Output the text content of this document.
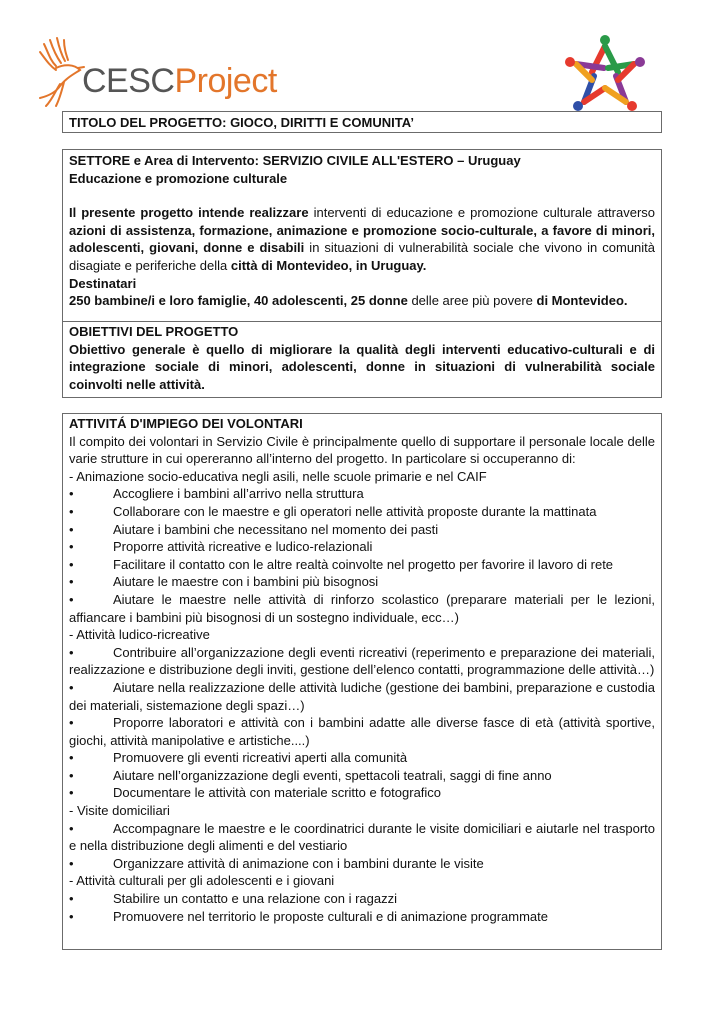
CESCProject
TITOLO DEL PROGETTO: GIOCO, DIRITTI E COMUNITA’
SETTORE e Area di Intervento: SERVIZIO CIVILE ALL'ESTERO – Uruguay
Educazione e promozione culturale
Il presente progetto intende realizzare interventi di educazione e promozione culturale attraverso azioni di assistenza, formazione, animazione e promozione socio-culturale, a favore di minori, adolescenti, giovani, donne e disabili in situazioni di vulnerabilità sociale che vivono in comunità disagiate e periferiche della città di Montevideo, in Uruguay.
Destinatari
250 bambine/i e loro famiglie, 40 adolescenti, 25 donne delle aree più povere di Montevideo.
OBIETTIVI DEL PROGETTO
Obiettivo generale è quello di migliorare la qualità degli interventi educativo-culturali e di integrazione sociale di minori, adolescenti, donne in situazioni di vulnerabilità sociale coinvolti nelle attività.
ATTIVITÁ D'IMPIEGO DEI VOLONTARI
Il compito dei volontari in Servizio Civile è principalmente quello di supportare il personale locale delle varie strutture in cui opereranno all’interno del progetto. In particolare si occuperanno di:
- Animazione socio-educativa negli asili, nelle scuole primarie e nel CAIF
•	Accogliere i bambini all’arrivo nella struttura
•	Collaborare con le maestre e gli operatori nelle attività proposte durante la mattinata
•	Aiutare i bambini che necessitano nel momento dei pasti
•	Proporre attività ricreative e ludico-relazionali
•	Facilitare il contatto con le altre realtà coinvolte nel progetto per favorire il lavoro di rete
•	Aiutare le maestre con i bambini più bisognosi
•	Aiutare le maestre nelle attività di rinforzo scolastico (preparare materiali per le lezioni, affiancare i bambini più bisognosi di un sostegno individuale, ecc…)
- Attività ludico-ricreative
•	Contribuire all’organizzazione degli eventi ricreativi (reperimento e preparazione dei materiali, realizzazione e distribuzione degli inviti, gestione dell’elenco contatti, programmazione delle attività…)
•	Aiutare nella realizzazione delle attività ludiche (gestione dei bambini, preparazione e custodia dei materiali, sistemazione degli spazi…)
•	Proporre laboratori e attività con i bambini adatte alle diverse fasce di età (attività sportive, giochi, attività manipolative e artistiche....)
•	Promuovere gli eventi ricreativi aperti alla comunità
•	Aiutare nell’organizzazione degli eventi, spettacoli teatrali, saggi di fine anno
•	Documentare le attività con materiale scritto e fotografico
- Visite domiciliari
•	Accompagnare le maestre e le coordinatrici durante le visite domiciliari e aiutarle nel trasporto e nella distribuzione degli alimenti e del vestiario
•	Organizzare attività di animazione con i bambini durante le visite
- Attività culturali per gli adolescenti e i giovani
•	Stabilire un contatto e una relazione con i ragazzi
•	Promuovere nel territorio le proposte culturali e di animazione programmate
